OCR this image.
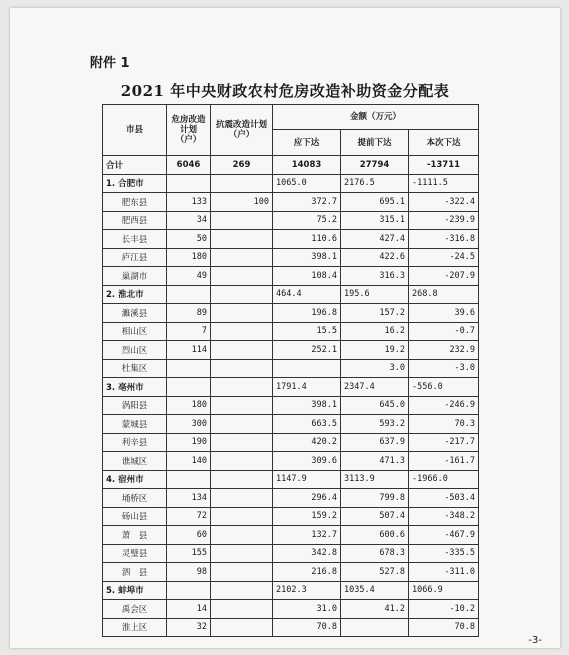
附件 1
2021 年中央财政农村危房改造补助资金分配表
市县	危房改造计划（户）	抗震改造计划（户）	金额（万元）		
			应下达	提前下达	本次下达
合计	6046	269	14083	27794	-13711
1. 合肥市			1065.0	2176.5	-1111.5
肥东县	133	100	372.7	695.1	-322.4
肥西县	34		75.2	315.1	-239.9
长丰县	50		110.6	427.4	-316.8
庐江县	180		398.1	422.6	-24.5
巢湖市	49		108.4	316.3	-207.9
2. 淮北市			464.4	195.6	268.8
濉溪县	89		196.8	157.2	39.6
相山区	7		15.5	16.2	-0.7
烈山区	114		252.1	19.2	232.9
杜集区				3.0	-3.0
3. 亳州市			1791.4	2347.4	-556.0
涡阳县	180		398.1	645.0	-246.9
蒙城县	300		663.5	593.2	70.3
利辛县	190		420.2	637.9	-217.7
谯城区	140		309.6	471.3	-161.7
4. 宿州市			1147.9	3113.9	-1966.0
埇桥区	134		296.4	799.8	-503.4
砀山县	72		159.2	507.4	-348.2
萧　县	60		132.7	600.6	-467.9
灵璧县	155		342.8	678.3	-335.5
泗　县	98		216.8	527.8	-311.0
5. 蚌埠市			2102.3	1035.4	1066.9
禹会区	14		31.0	41.2	-10.2
淮上区	32		70.8		70.8
-3-
